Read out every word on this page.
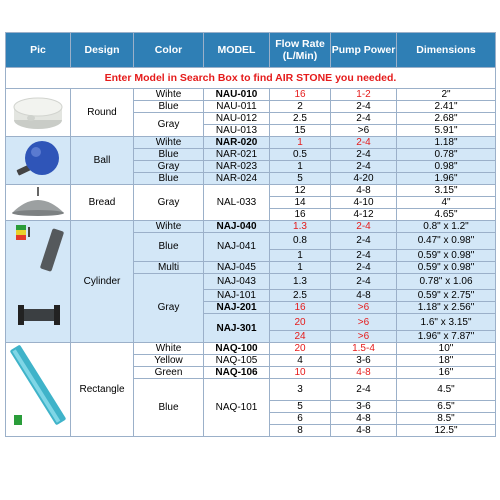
Pic	Design	Color	MODEL	Flow Rate (L/Min)	Pump Power	Dimensions
Enter Model in Search Box to find AIR STONE you needed.						
	Round	Wihte	NAU-010	16	1-2	2"
		Blue	NAU-011	2	2-4	2.41"
		Gray	NAU-012	2.5	2-4	2.68"
			NAU-013	15	>6	5.91"
	Ball	Wihte	NAR-020	1	2-4	1.18"
		Blue	NAR-021	0.5	2-4	0.78"
		Gray	NAR-023	1	2-4	0.98"
		Blue	NAR-024	5	4-20	1.96"
	Bread	Gray	NAL-033	12	4-8	3.15"
				14	4-10	4"
				16	4-12	4.65"
	Cylinder	Wihte	NAJ-040	1.3	2-4	0.8" x 1.2"
		Blue	NAJ-041	0.8	2-4	0.47" x 0.98"
				1	2-4	0.59" x 0.98"
		Multi	NAJ-045	1	2-4	0.59" x 0.98"
		Gray	NAJ-043	1.3	2-4	0.78" x 1.06
			NAJ-101	2.5	4-8	0.59" x 2.75"
			NAJ-201	16	>6	1.18" x 2.56"
			NAJ-301	20	>6	1.6" x 3.15"
				24	>6	1.96" x 7.87"
	Rectangle	White	NAQ-100	20	1.5-4	10"
		Yellow	NAQ-105	4	3-6	18"
		Green	NAQ-106	10	4-8	16"
		Blue	NAQ-101	3	2-4	4.5"
				5	3-6	6.5"
				6	4-8	8.5"
				8	4-8	12.5"
